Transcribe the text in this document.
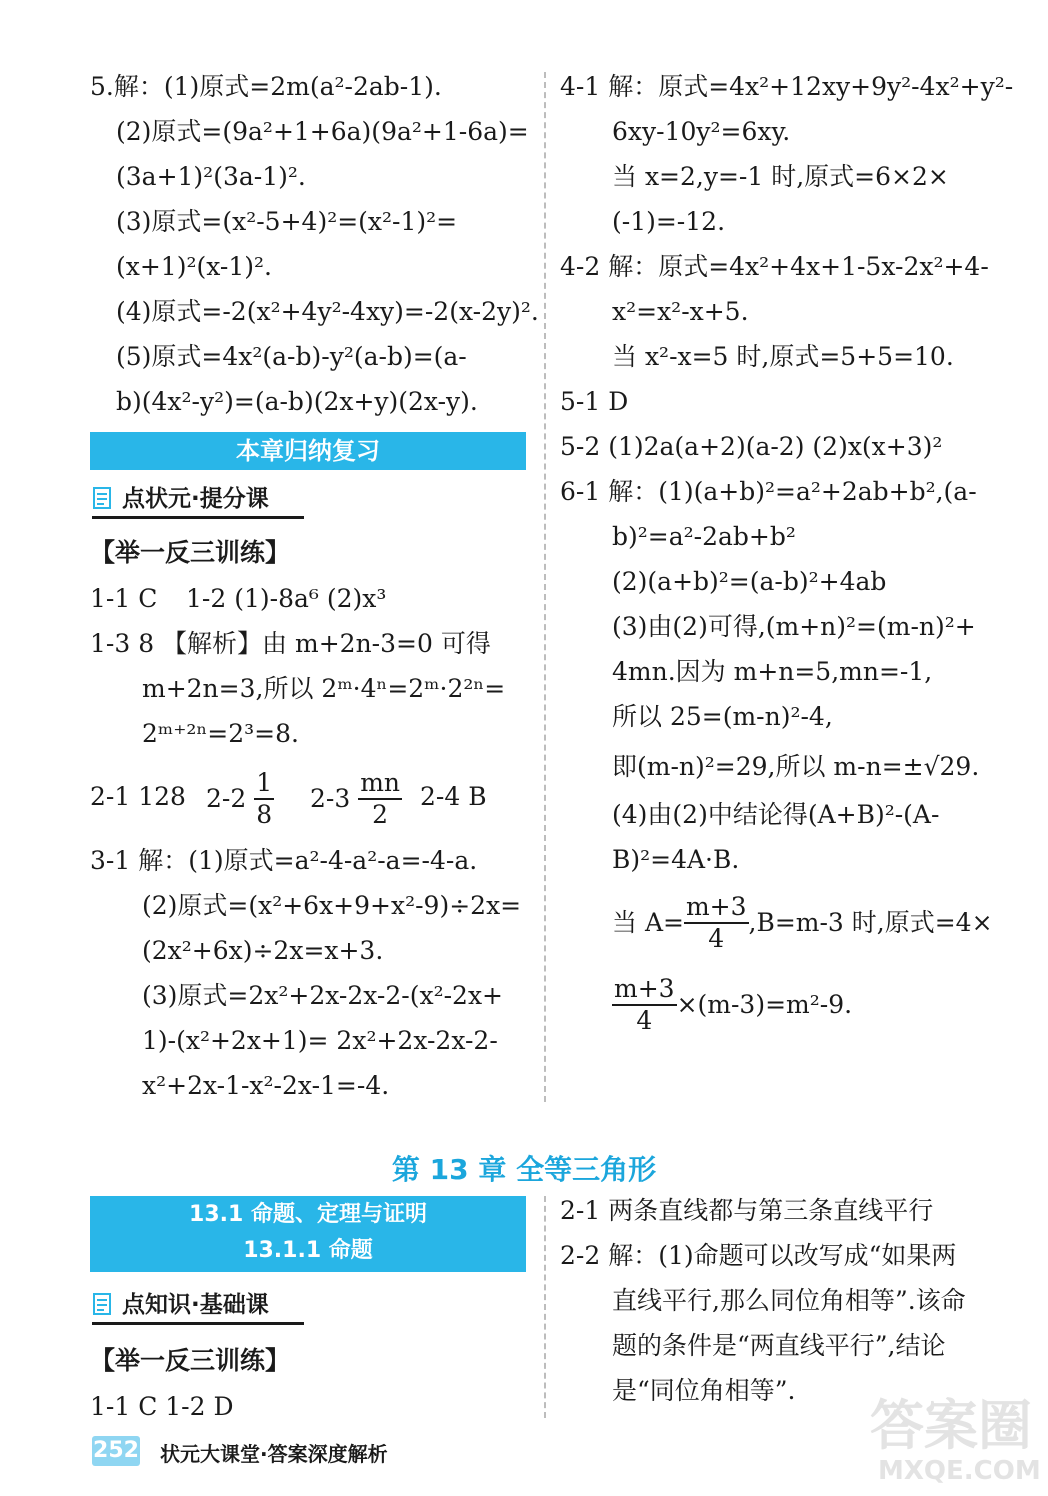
5.解：(1)原式=2m(a²-2ab-1).
(2)原式=(9a²+1+6a)(9a²+1-6a)=
(3a+1)²(3a-1)².
(3)原式=(x²-5+4)²=(x²-1)²=
(x+1)²(x-1)².
(4)原式=-2(x²+4y²-4xy)=-2(x-2y)².
(5)原式=4x²(a-b)-y²(a-b)=(a-
b)(4x²-y²)=(a-b)(2x+y)(2x-y).
本章归纳复习
点状元·提分课
【举一反三训练】
1-1 C 1-2 (1)-8a⁶ (2)x³
1-3 8 【解析】由 m+2n-3=0 可得
m+2n=3,所以 2ᵐ·4ⁿ=2ᵐ·2²ⁿ=
2ᵐ⁺²ⁿ=2³=8.
2-1 128 $2-2 \frac{1}{8} 2-3 \frac{mn}{2} 2-4$ B
3-1 解：(1)原式=a²-4-a²-a=-4-a.
(2)原式=(x²+6x+9+x²-9)÷2x=
(2x²+6x)÷2x=x+3.
(3)原式=2x²+2x-2x-2-(x²-2x+
1)-(x²+2x+1)= 2x²+2x-2x-2-
x²+2x-1-x²-2x-1=-4.
4-1 解：原式=4x²+12xy+9y²-4x²+y²-
6xy-10y²=6xy.
当 x=2,y=-1 时,原式=6×2×
(-1)=-12.
4-2 解：原式=4x²+4x+1-5x-2x²+4-
x²=x²-x+5.
当 x²-x=5 时,原式=5+5=10.
5-1 D
5-2 (1)2a(a+2)(a-2) (2)x(x+3)²
6-1 解：(1)(a+b)²=a²+2ab+b²,(a-
b)²=a²-2ab+b²
(2)(a+b)²=(a-b)²+4ab
(3)由(2)可得,(m+n)²=(m-n)²+
4mn.因为 m+n=5,mn=-1,
所以 25=(m-n)²-4,
即(m-n)²=29,所以 m-n=±√29.
(4)由(2)中结论得(A+B)²-(A-
B)²=4A·B.
当 $A= \frac{m+3}{4} ,B=m-3$ 时,原式=4×
$\frac{m+3}{4} \times(m-3)=m^2-9$.
第 13 章 全等三角形
13.1 命题、定理与证明
13.1.1 命题
点知识·基础课
【举一反三训练】
1-1 C 1-2 D
2-1 两条直线都与第三条直线平行
2-2 解：(1)命题可以改写成“如果两
直线平行,那么同位角相等”.该命
题的条件是“两直线平行”,结论
是“同位角相等”.
252 状元大课堂·答案深度解析	答案圈
MXQE.COM
